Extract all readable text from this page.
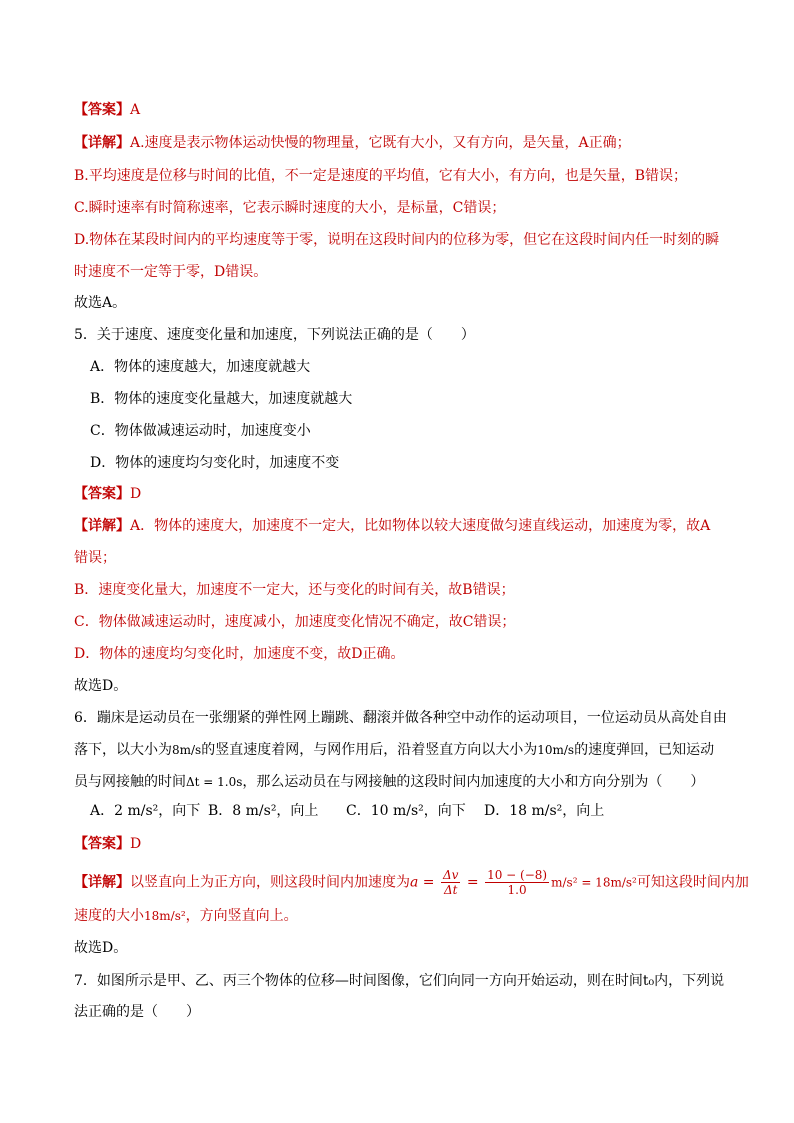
【答案】A
【详解】A.速度是表示物体运动快慢的物理量，它既有大小，又有方向，是矢量，A正确；
B.平均速度是位移与时间的比值，不一定是速度的平均值，它有大小，有方向，也是矢量，B错误；
C.瞬时速率有时简称速率，它表示瞬时速度的大小，是标量，C错误；
D.物体在某段时间内的平均速度等于零，说明在这段时间内的位移为零，但它在这段时间内任一时刻的瞬
时速度不一定等于零，D错误。
故选A。
5．关于速度、速度变化量和加速度，下列说法正确的是（　　）
A．物体的速度越大，加速度就越大
B．物体的速度变化量越大，加速度就越大
C．物体做减速运动时，加速度变小
D．物体的速度均匀变化时，加速度不变
【答案】D
【详解】A．物体的速度大，加速度不一定大，比如物体以较大速度做匀速直线运动，加速度为零，故A
错误；
B．速度变化量大，加速度不一定大，还与变化的时间有关，故B错误；
C．物体做减速运动时，速度减小，加速度变化情况不确定，故C错误；
D．物体的速度均匀变化时，加速度不变，故D正确。
故选D。
6．蹦床是运动员在一张绷紧的弹性网上蹦跳、翻滚并做各种空中动作的运动项目，一位运动员从高处自由
落下，以大小为8m/s的竖直速度着网，与网作用后，沿着竖直方向以大小为10m/s的速度弹回，已知运动
员与网接触的时间Δt = 1.0s，那么运动员在与网接触的这段时间内加速度的大小和方向分别为（　　）
A．2 m/s²，向下 B．8 m/s²，向上 C．10 m/s²，向下 D．18 m/s²，向上
【答案】D
【详解】以竖直向上为正方向，则这段时间内加速度为$a = \frac{\Delta v}{\Delta t} = \frac{10 - (-8)}{1.0} m/s^2 = 18m/s^2$可知这段时间内加
速度的大小18m/s²，方向竖直向上。
故选D。
7．如图所示是甲、乙、丙三个物体的位移—时间图像，它们向同一方向开始运动，则在时间t₀内，下列说
法正确的是（　　）
